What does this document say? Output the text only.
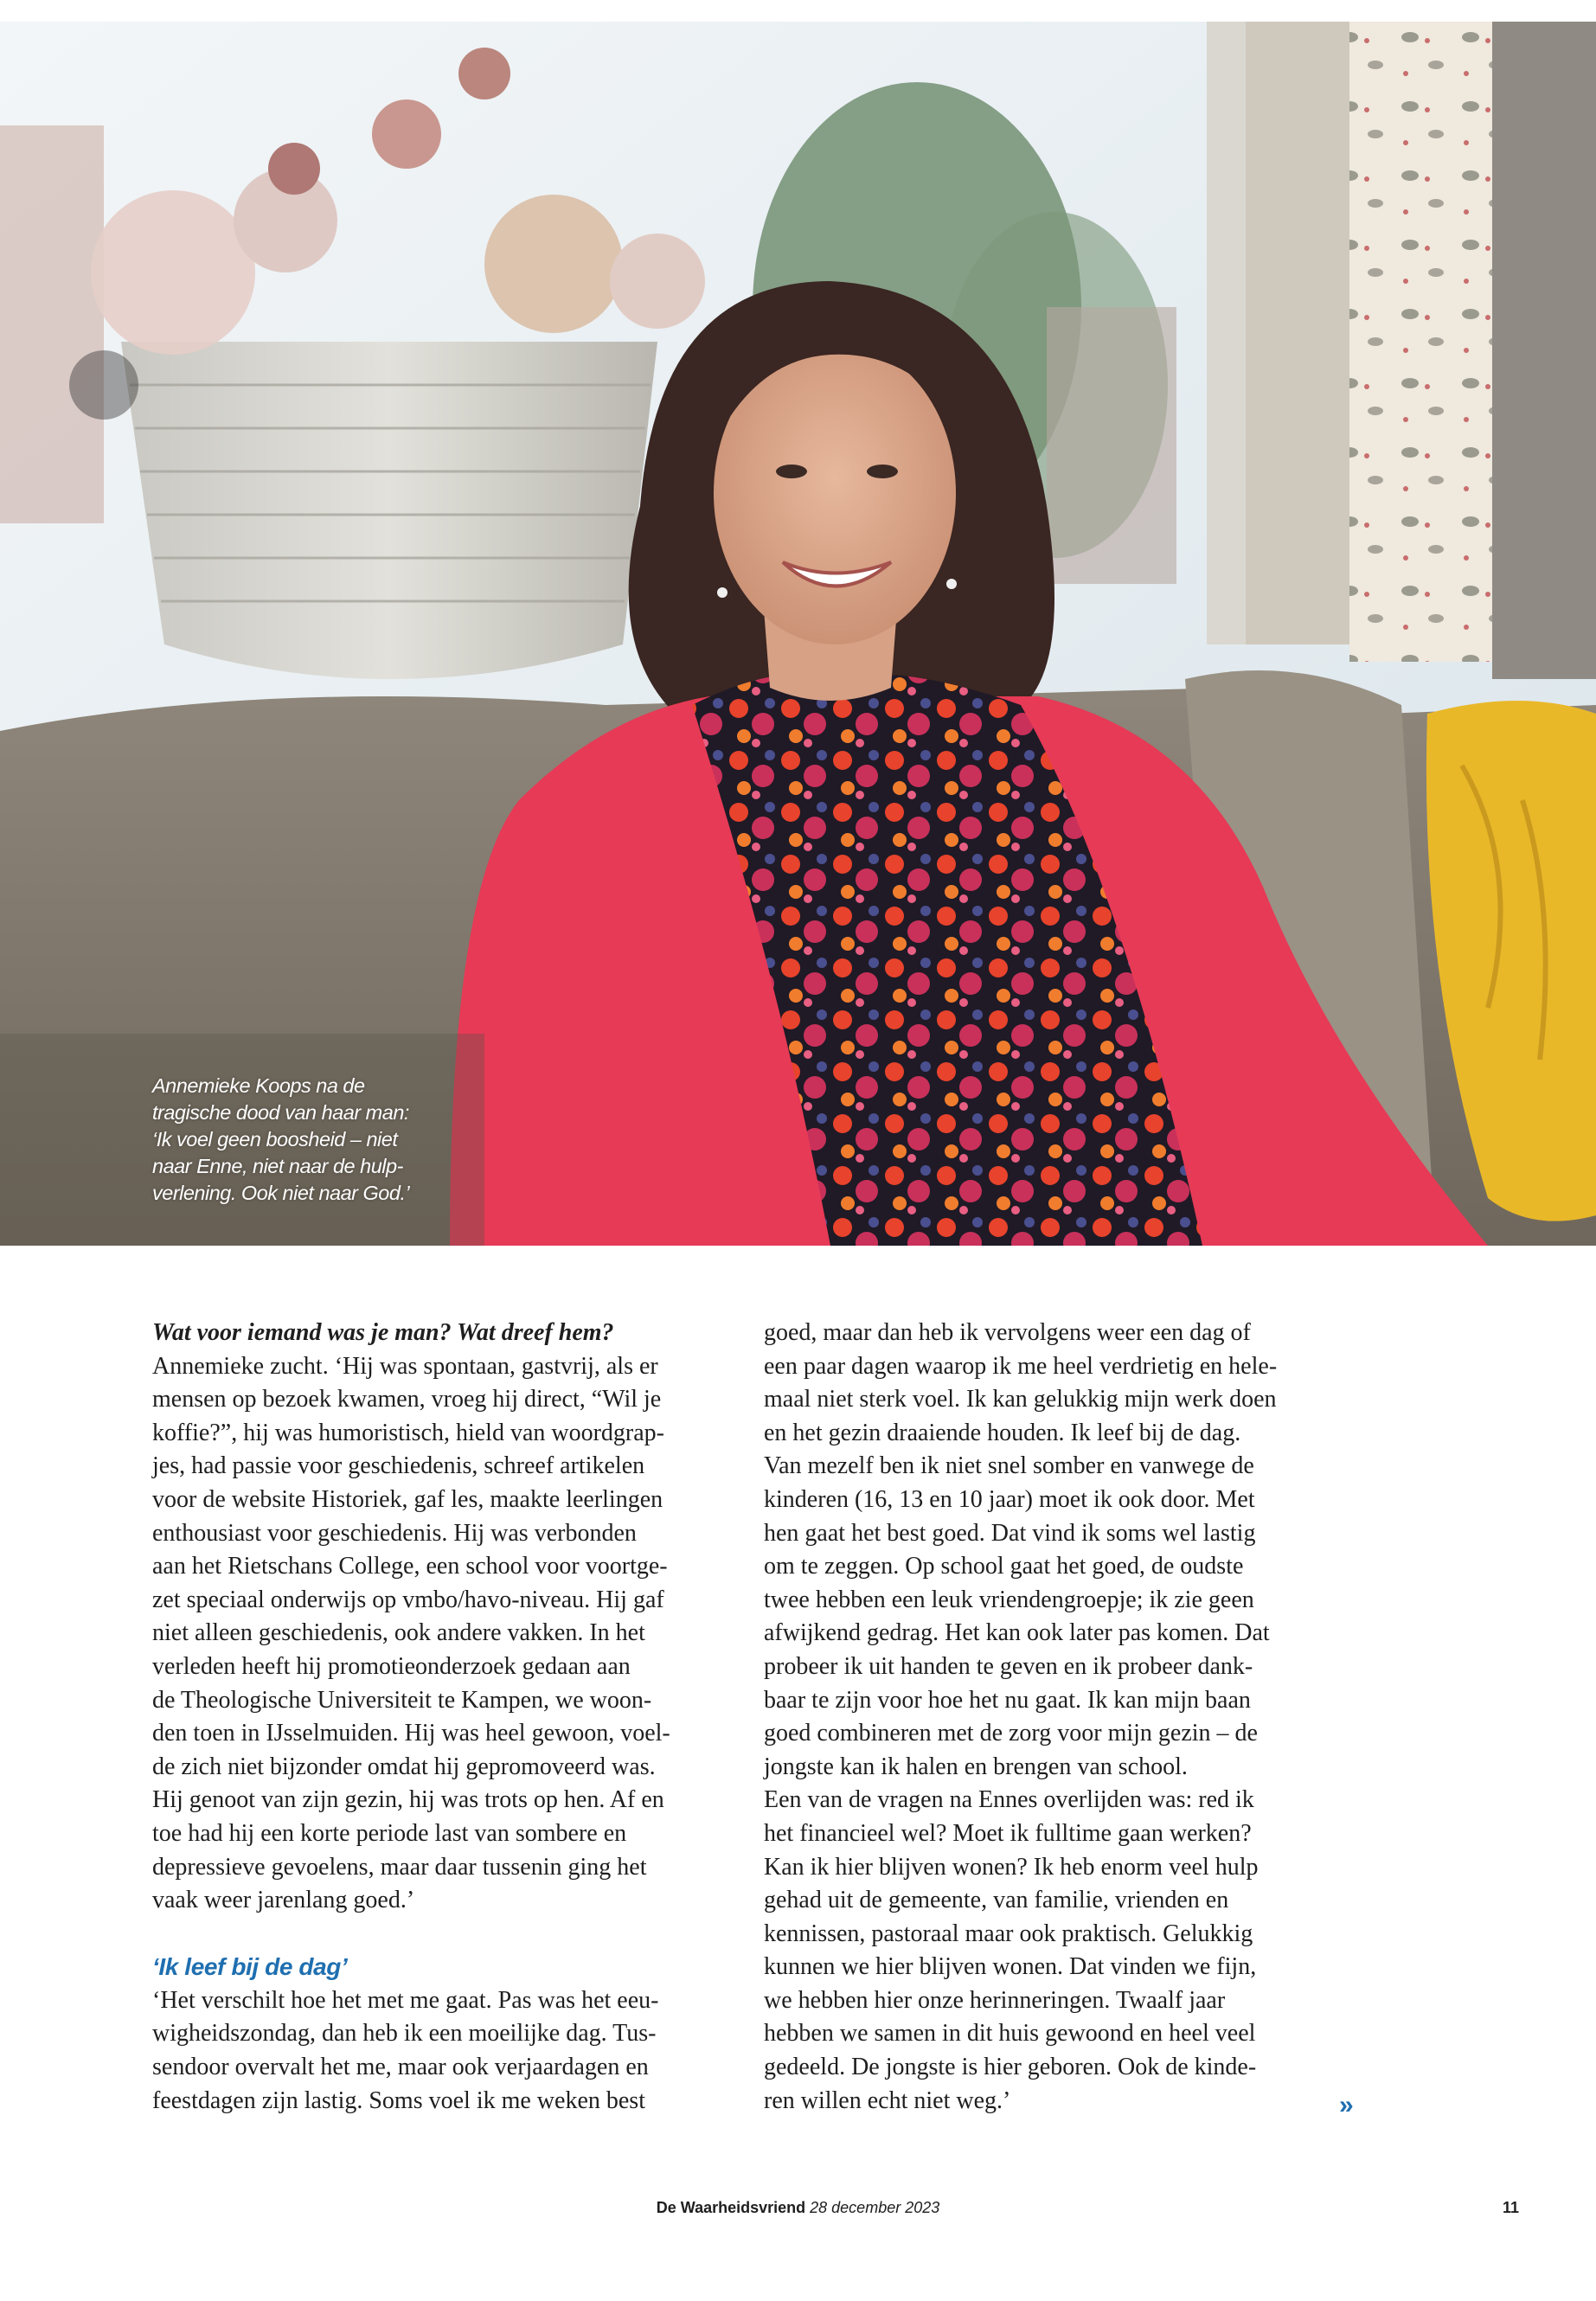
Annemieke Koops na de
tragische dood van haar man:
‘Ik voel geen boosheid – niet
naar Enne, niet naar de hulp-
verlening. Ook niet naar God.’
Wat voor iemand was je man? Wat dreef hem?
Annemieke zucht. ‘Hij was spontaan, gastvrij, als er
mensen op bezoek kwamen, vroeg hij direct, “Wil je
koffie?”, hij was humoristisch, hield van woordgrap-
jes, had passie voor geschiedenis, schreef artikelen
voor de website Historiek, gaf les, maakte leerlingen
enthousiast voor geschiedenis. Hij was verbonden
aan het Rietschans College, een school voor voortge-
zet speciaal onderwijs op vmbo/havo-niveau. Hij gaf
niet alleen geschiedenis, ook andere vakken. In het
verleden heeft hij promotieonderzoek gedaan aan
de Theologische Universiteit te Kampen, we woon-
den toen in IJsselmuiden. Hij was heel gewoon, voel-
de zich niet bijzonder omdat hij gepromoveerd was.
Hij genoot van zijn gezin, hij was trots op hen. Af en
toe had hij een korte periode last van sombere en
depressieve gevoelens, maar daar tussenin ging het
vaak weer jarenlang goed.’
‘Ik leef bij de dag’
‘Het verschilt hoe het met me gaat. Pas was het eeu-
wigheidszondag, dan heb ik een moeilijke dag. Tus-
sendoor overvalt het me, maar ook verjaardagen en
feestdagen zijn lastig. Soms voel ik me weken best
goed, maar dan heb ik vervolgens weer een dag of
een paar dagen waarop ik me heel verdrietig en hele-
maal niet sterk voel. Ik kan gelukkig mijn werk doen
en het gezin draaiende houden. Ik leef bij de dag.
Van mezelf ben ik niet snel somber en vanwege de
kinderen (16, 13 en 10 jaar) moet ik ook door. Met
hen gaat het best goed. Dat vind ik soms wel lastig
om te zeggen. Op school gaat het goed, de oudste
twee hebben een leuk vriendengroepje; ik zie geen
afwijkend gedrag. Het kan ook later pas komen. Dat
probeer ik uit handen te geven en ik probeer dank-
baar te zijn voor hoe het nu gaat. Ik kan mijn baan
goed combineren met de zorg voor mijn gezin – de
jongste kan ik halen en brengen van school.
Een van de vragen na Ennes overlijden was: red ik
het financieel wel? Moet ik fulltime gaan werken?
Kan ik hier blijven wonen? Ik heb enorm veel hulp
gehad uit de gemeente, van familie, vrienden en
kennissen, pastoraal maar ook praktisch. Gelukkig
kunnen we hier blijven wonen. Dat vinden we fijn,
we hebben hier onze herinneringen. Twaalf jaar
hebben we samen in dit huis gewoond en heel veel
gedeeld. De jongste is hier geboren. Ook de kinde-
ren willen echt niet weg.’	»
De Waarheidsvriend 28 december 2023	11
